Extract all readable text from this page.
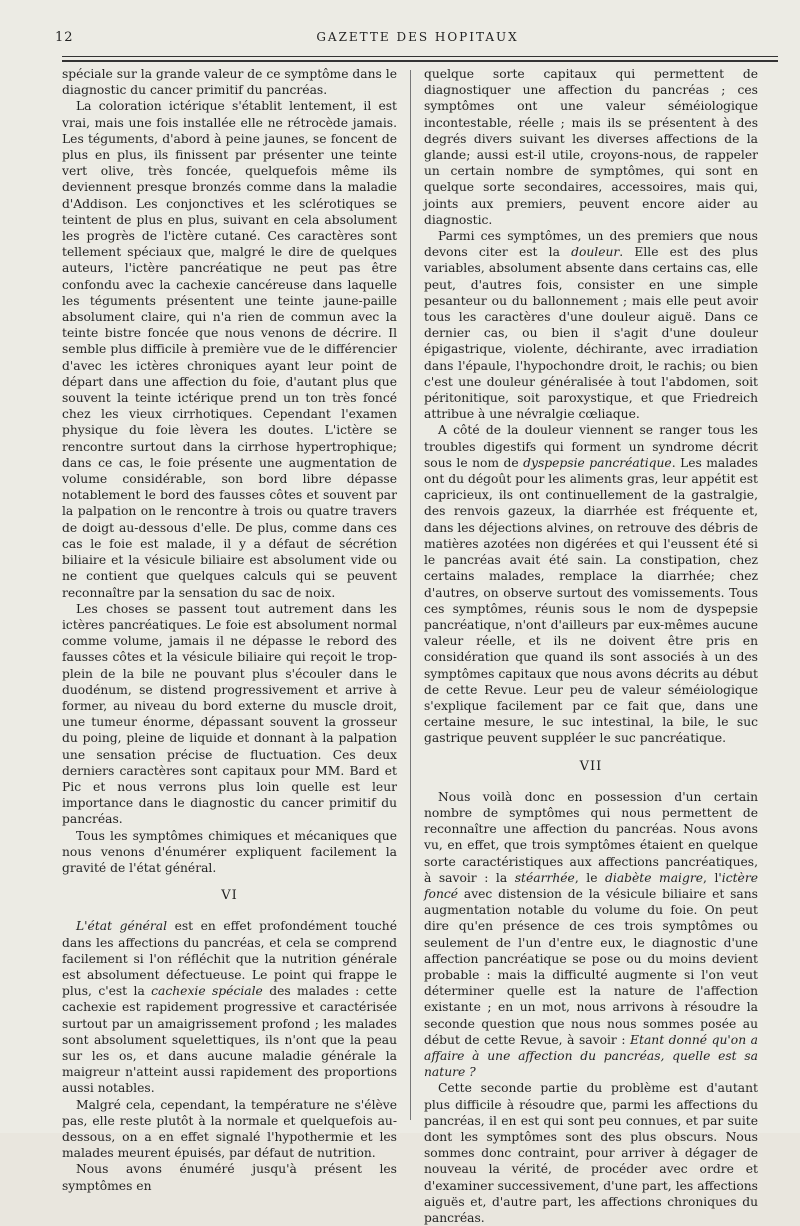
12	GAZETTE DES HOPITAUX

spéciale sur la grande valeur de ce symptôme dans le diagnostic du cancer primitif du pancréas.

La coloration ictérique s'établit lentement, il est vrai, mais une fois installée elle ne rétrocède jamais. Les téguments, d'abord à peine jaunes, se foncent de plus en plus, ils finissent par présenter une teinte vert olive, très foncée, quelquefois même ils deviennent presque bronzés comme dans la maladie d'Addison. Les conjonctives et les sclérotiques se teintent de plus en plus, suivant en cela absolument les progrès de l'ictère cutané. Ces caractères sont tellement spéciaux que, malgré le dire de quelques auteurs, l'ictère pancréatique ne peut pas être confondu avec la cachexie cancéreuse dans laquelle les téguments présentent une teinte jaune-paille absolument claire, qui n'a rien de commun avec la teinte bistre foncée que nous venons de décrire. Il semble plus difficile à première vue de le différencier d'avec les ictères chroniques ayant leur point de départ dans une affection du foie, d'autant plus que souvent la teinte ictérique prend un ton très foncé chez les vieux cirrhotiques. Cependant l'examen physique du foie lèvera les doutes. L'ictère se rencontre surtout dans la cirrhose hypertrophique; dans ce cas, le foie présente une augmentation de volume considérable, son bord libre dépasse notablement le bord des fausses côtes et souvent par la palpation on le rencontre à trois ou quatre travers de doigt au-dessous d'elle. De plus, comme dans ces cas le foie est malade, il y a défaut de sécrétion biliaire et la vésicule biliaire est absolument vide ou ne contient que quelques calculs qui se peuvent reconnaître par la sensation du sac de noix.

Les choses se passent tout autrement dans les ictères pancréatiques. Le foie est absolument normal comme volume, jamais il ne dépasse le rebord des fausses côtes et la vésicule biliaire qui reçoit le trop-plein de la bile ne pouvant plus s'écouler dans le duodénum, se distend progressivement et arrive à former, au niveau du bord externe du muscle droit, une tumeur énorme, dépassant souvent la grosseur du poing, pleine de liquide et donnant à la palpation une sensation précise de fluctuation. Ces deux derniers caractères sont capitaux pour MM. Bard et Pic et nous verrons plus loin quelle est leur importance dans le diagnostic du cancer primitif du pancréas.

Tous les symptômes chimiques et mécaniques que nous venons d'énumérer expliquent facilement la gravité de l'état général.

VI

L'état général est en effet profondément touché dans les affections du pancréas, et cela se comprend facilement si l'on réfléchit que la nutrition générale est absolument défectueuse. Le point qui frappe le plus, c'est la cachexie spéciale des malades : cette cachexie est rapidement progressive et caractérisée surtout par un amaigrissement profond ; les malades sont absolument squelettiques, ils n'ont que la peau sur les os, et dans aucune maladie générale la maigreur n'atteint aussi rapidement des proportions aussi notables.

Malgré cela, cependant, la température ne s'élève pas, elle reste plutôt à la normale et quelquefois au-dessous, on a en effet signalé l'hypothermie et les malades meurent épuisés, par défaut de nutrition.

Nous avons énuméré jusqu'à présent les symptômes en

quelque sorte capitaux qui permettent de diagnostiquer une affection du pancréas ; ces symptômes ont une valeur séméiologique incontestable, réelle ; mais ils se présentent à des degrés divers suivant les diverses affections de la glande; aussi est-il utile, croyons-nous, de rappeler un certain nombre de symptômes, qui sont en quelque sorte secondaires, accessoires, mais qui, joints aux premiers, peuvent encore aider au diagnostic.

Parmi ces symptômes, un des premiers que nous devons citer est la douleur. Elle est des plus variables, absolument absente dans certains cas, elle peut, d'autres fois, consister en une simple pesanteur ou du ballonnement ; mais elle peut avoir tous les caractères d'une douleur aiguë. Dans ce dernier cas, ou bien il s'agit d'une douleur épigastrique, violente, déchirante, avec irradiation dans l'épaule, l'hypochondre droit, le rachis; ou bien c'est une douleur généralisée à tout l'abdomen, soit péritonitique, soit paroxystique, et que Friedreich attribue à une névralgie cœliaque.

A côté de la douleur viennent se ranger tous les troubles digestifs qui forment un syndrome décrit sous le nom de dyspepsie pancréatique. Les malades ont du dégoût pour les aliments gras, leur appétit est capricieux, ils ont continuellement de la gastralgie, des renvois gazeux, la diarrhée est fréquente et, dans les déjections alvines, on retrouve des débris de matières azotées non digérées et qui l'eussent été si le pancréas avait été sain. La constipation, chez certains malades, remplace la diarrhée; chez d'autres, on observe surtout des vomissements. Tous ces symptômes, réunis sous le nom de dyspepsie pancréatique, n'ont d'ailleurs par eux-mêmes aucune valeur réelle, et ils ne doivent être pris en considération que quand ils sont associés à un des symptômes capitaux que nous avons décrits au début de cette Revue. Leur peu de valeur séméiologique s'explique facilement par ce fait que, dans une certaine mesure, le suc intestinal, la bile, le suc gastrique peuvent suppléer le suc pancréatique.

VII

Nous voilà donc en possession d'un certain nombre de symptômes qui nous permettent de reconnaître une affection du pancréas. Nous avons vu, en effet, que trois symptômes étaient en quelque sorte caractéristiques aux affections pancréatiques, à savoir : la stéarrhée, le diabète maigre, l'ictère foncé avec distension de la vésicule biliaire et sans augmentation notable du volume du foie. On peut dire qu'en présence de ces trois symptômes ou seulement de l'un d'entre eux, le diagnostic d'une affection pancréatique se pose ou du moins devient probable : mais la difficulté augmente si l'on veut déterminer quelle est la nature de l'affection existante ; en un mot, nous arrivons à résoudre la seconde question que nous nous sommes posée au début de cette Revue, à savoir : Etant donné qu'on a affaire à une affection du pancréas, quelle est sa nature ?

Cette seconde partie du problème est d'autant plus difficile à résoudre que, parmi les affections du pancréas, il en est qui sont peu connues, et par suite dont les symptômes sont des plus obscurs. Nous sommes donc contraint, pour arriver à dégager de nouveau la vérité, de procéder avec ordre et d'examiner successivement, d'une part, les affections aiguës et, d'autre part, les affections chroniques du pancréas.
